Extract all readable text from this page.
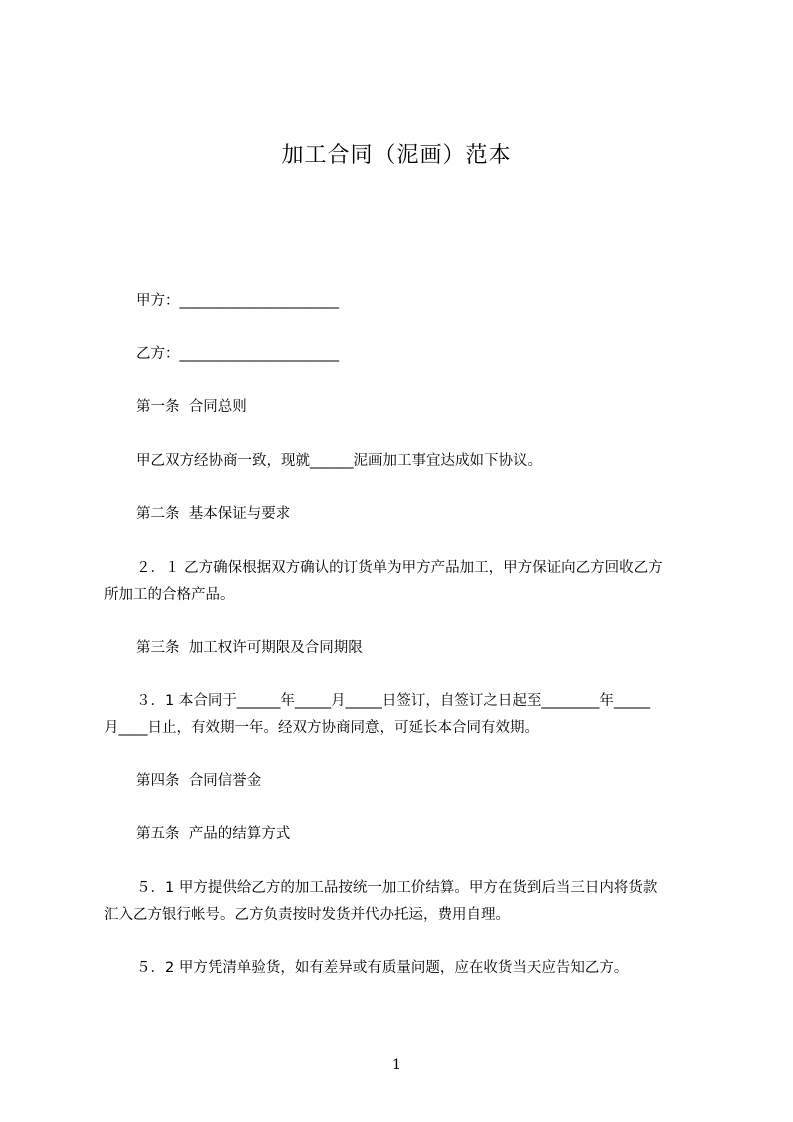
加工合同（泥画）范本
甲方：______________________
乙方：______________________
第一条  合同总则
甲乙双方经协商一致，现就______泥画加工事宜达成如下协议。
第二条  基本保证与要求
２．１ 乙方确保根据双方确认的订货单为甲方产品加工，甲方保证向乙方回收乙方
所加工的合格产品。
第三条  加工权许可期限及合同期限
３．1 本合同于______年_____月_____日签订，自签订之日起至________年_____
月____日止，有效期一年。经双方协商同意，可延长本合同有效期。
第四条  合同信誉金
第五条  产品的结算方式
５．1 甲方提供给乙方的加工品按统一加工价结算。甲方在货到后当三日内将货款
汇入乙方银行帐号。乙方负责按时发货并代办托运，费用自理。
５．2 甲方凭清单验货，如有差异或有质量问题，应在收货当天应告知乙方。
1
